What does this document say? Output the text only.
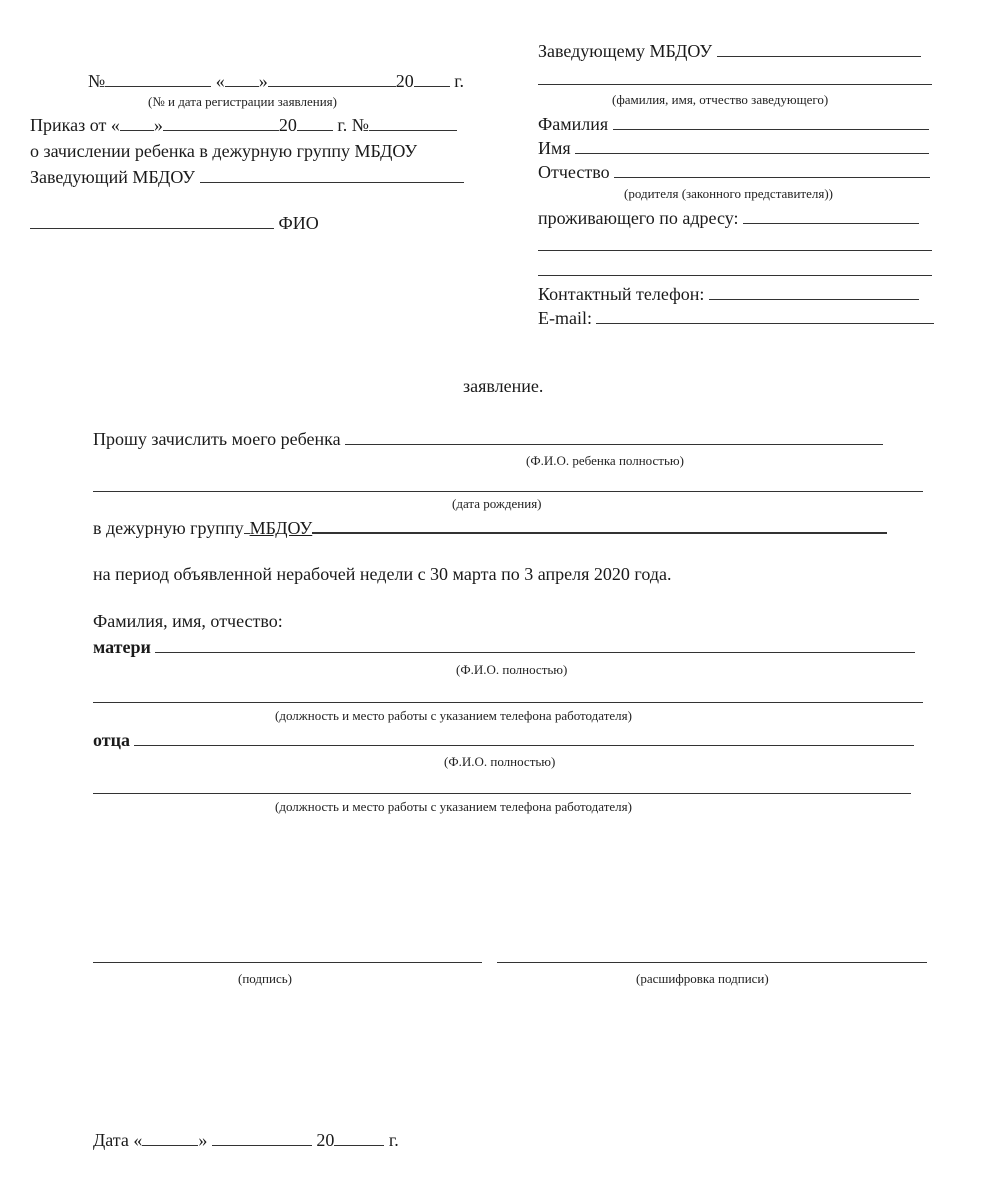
№	« »	20 г.
(№ и дата регистрации заявления)
Приказ от « »	20 г. №
о зачислении ребенка в дежурную группу МБДОУ
Заведующий МБДОУ
ФИО
Заведующему МБДОУ
(фамилия, имя, отчество заведующего)
Фамилия
Имя
Отчество
(родителя (законного представителя))
проживающего по адресу:
Контактный телефон:
E-mail:
заявление.
Прошу зачислить моего ребенка
(Ф.И.О. ребенка полностью)
(дата рождения)
в дежурную группу МБДОУ
на период объявленной нерабочей недели с 30 марта по 3 апреля 2020 года.
Фамилия, имя, отчество:
матери
(Ф.И.О. полностью)
(должность и место работы с указанием телефона работодателя)
отца
(Ф.И.О. полностью)
(должность и место работы с указанием телефона работодателя)
(подпись)	(расшифровка подписи)
Дата «	»	20	г.
